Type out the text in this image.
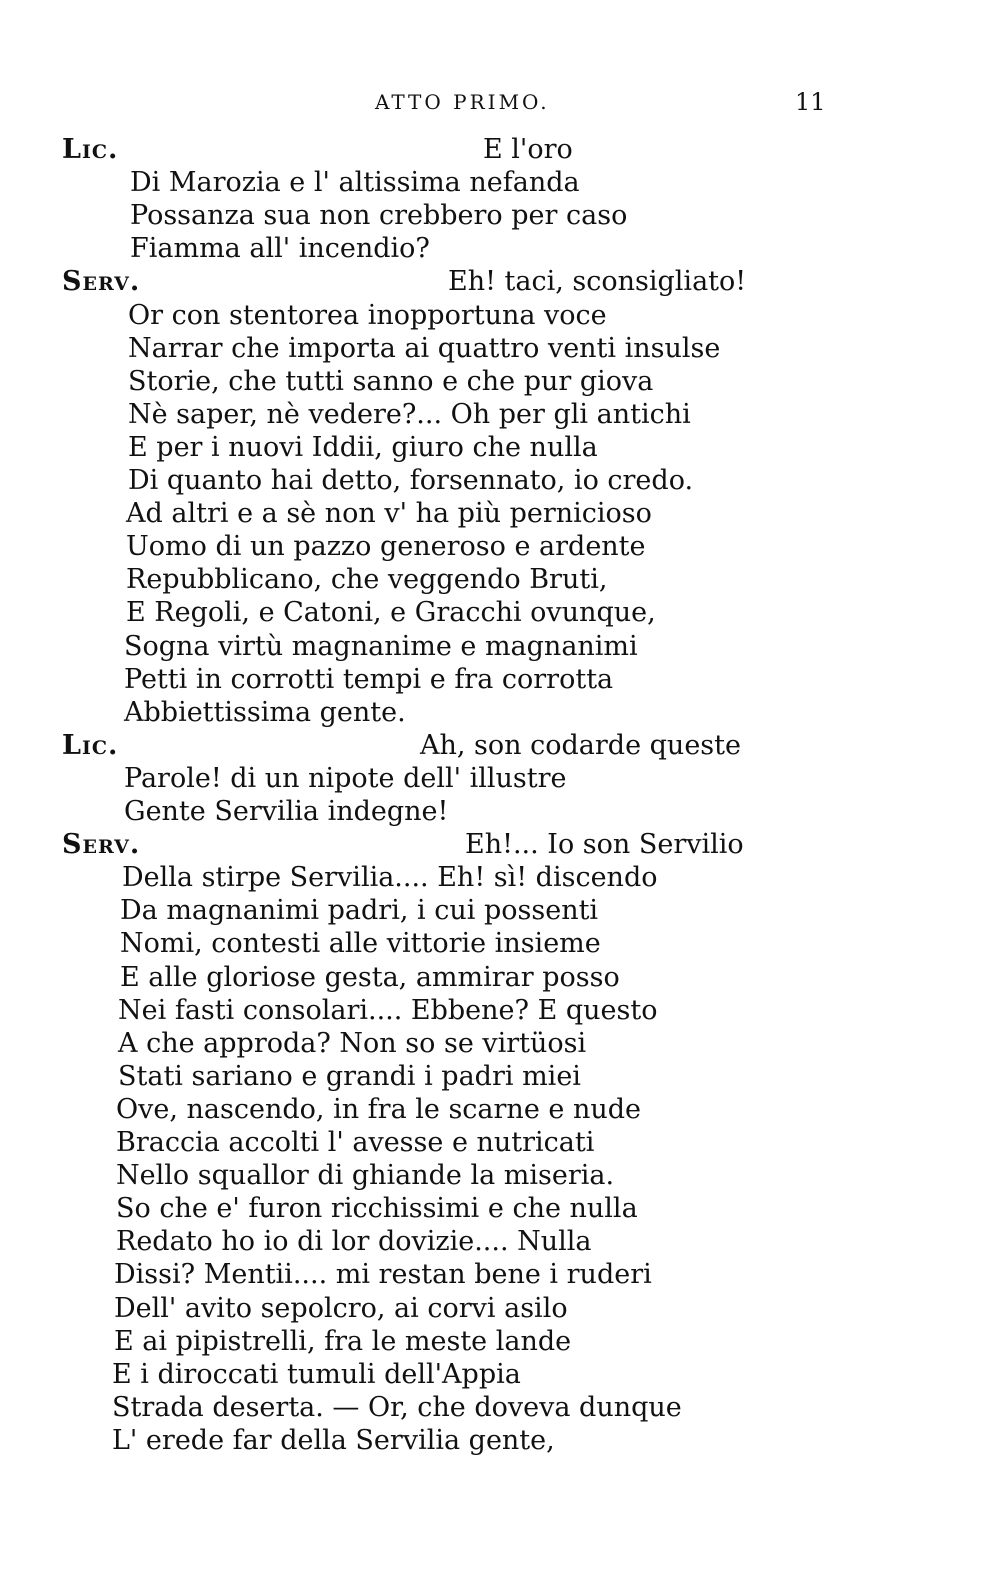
ATTO PRIMO.	11
Lic.	E l'oro
Di Marozia e l' altissima nefanda
Possanza sua non crebbero per caso
Fiamma all' incendio?
Serv.	Eh! taci, sconsigliato!
Or con stentorea inopportuna voce
Narrar che importa ai quattro venti insulse
Storie, che tutti sanno e che pur giova
Nè saper, nè vedere?... Oh per gli antichi
E per i nuovi Iddii, giuro che nulla
Di quanto hai detto, forsennato, io credo.
Ad altri e a sè non v' ha più pernicioso
Uomo di un pazzo generoso e ardente
Repubblicano, che veggendo Bruti,
E Regoli, e Catoni, e Gracchi ovunque,
Sogna virtù magnanime e magnanimi
Petti in corrotti tempi e fra corrotta
Abbiettissima gente.
Lic.	Ah, son codarde queste
Parole! di un nipote dell' illustre
Gente Servilia indegne!
Serv.	Eh!... Io son Servilio
Della stirpe Servilia.... Eh! sì! discendo
Da magnanimi padri, i cui possenti
Nomi, contesti alle vittorie insieme
E alle gloriose gesta, ammirar posso
Nei fasti consolari.... Ebbene? E questo
A che approda? Non so se virtüosi
Stati sariano e grandi i padri miei
Ove, nascendo, in fra le scarne e nude
Braccia accolti l' avesse e nutricati
Nello squallor di ghiande la miseria.
So che e' furon ricchissimi e che nulla
Redato ho io di lor dovizie.... Nulla
Dissi? Mentii.... mi restan bene i ruderi
Dell' avito sepolcro, ai corvi asilo
E ai pipistrelli, fra le meste lande
E i diroccati tumuli dell'Appia
Strada deserta. — Or, che doveva dunque
L' erede far della Servilia gente,
